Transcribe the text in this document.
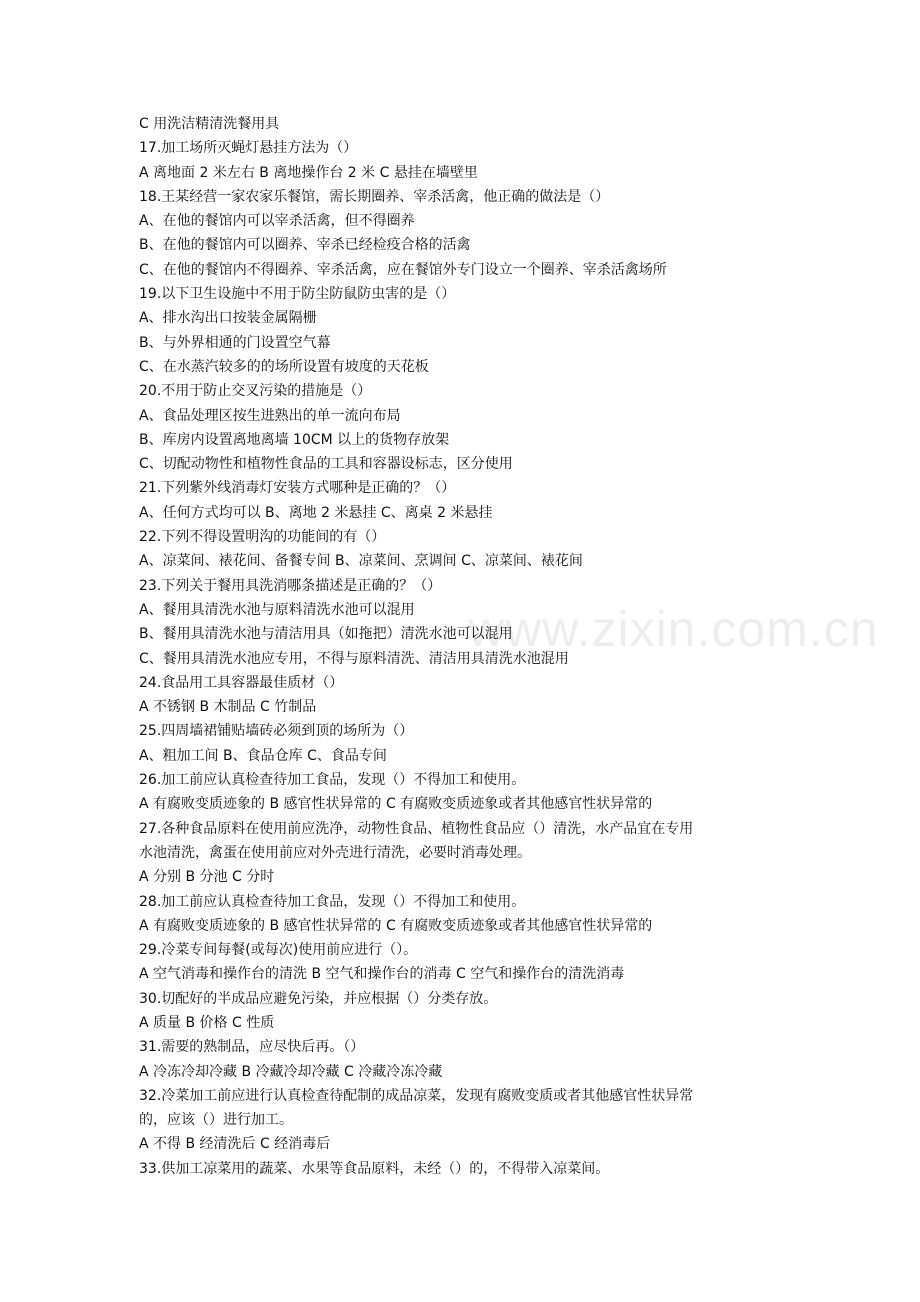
www.zixin.com.cn
C 用洗洁精清洗餐用具
17.加工场所灭蝇灯悬挂方法为（）
A 离地面 2 米左右 B 离地操作台 2 米 C 悬挂在墙壁里
18.王某经营一家农家乐餐馆，需长期圈养、宰杀活禽，他正确的做法是（）
A、在他的餐馆内可以宰杀活禽，但不得圈养
B、在他的餐馆内可以圈养、宰杀已经检疫合格的活禽
C、在他的餐馆内不得圈养、宰杀活禽，应在餐馆外专门设立一个圈养、宰杀活禽场所
19.以下卫生设施中不用于防尘防鼠防虫害的是（）
A、排水沟出口按装金属隔栅
B、与外界相通的门设置空气幕
C、在水蒸汽较多的的场所设置有坡度的天花板
20.不用于防止交叉污染的措施是（）
A、食品处理区按生进熟出的单一流向布局
B、库房内设置离地离墙 10CM 以上的货物存放架
C、切配动物性和植物性食品的工具和容器设标志，区分使用
21.下列紫外线消毒灯安装方式哪种是正确的？（）
A、任何方式均可以 B、离地 2 米悬挂 C、离桌 2 米悬挂
22.下列不得设置明沟的功能间的有（）
A、凉菜间、裱花间、备餐专间 B、凉菜间、烹调间 C、凉菜间、裱花间
23.下列关于餐用具洗消哪条描述是正确的？（）
A、餐用具清洗水池与原料清洗水池可以混用
B、餐用具清洗水池与清洁用具（如拖把）清洗水池可以混用
C、餐用具清洗水池应专用，不得与原料清洗、清洁用具清洗水池混用
24.食品用工具容器最佳质材（）
A 不锈钢 B 木制品 C 竹制品
25.四周墙裙铺贴墙砖必须到顶的场所为（）
A、粗加工间 B、食品仓库 C、食品专间
26.加工前应认真检查待加工食品，发现（）不得加工和使用。
A 有腐败变质迹象的 B 感官性状异常的 C 有腐败变质迹象或者其他感官性状异常的
27.各种食品原料在使用前应洗净，动物性食品、植物性食品应（）清洗，水产品宜在专用
水池清洗，禽蛋在使用前应对外壳进行清洗，必要时消毒处理。
A 分别 B 分池 C 分时
28.加工前应认真检查待加工食品，发现（）不得加工和使用。
A 有腐败变质迹象的 B 感官性状异常的 C 有腐败变质迹象或者其他感官性状异常的
29.冷菜专间每餐(或每次)使用前应进行（）。
A 空气消毒和操作台的清洗 B 空气和操作台的消毒 C 空气和操作台的清洗消毒
30.切配好的半成品应避免污染，并应根据（）分类存放。
A 质量 B 价格 C 性质
31.需要的熟制品，应尽快后再。（）
A 冷冻冷却冷藏 B 冷藏冷却冷藏 C 冷藏冷冻冷藏
32.冷菜加工前应进行认真检查待配制的成品凉菜，发现有腐败变质或者其他感官性状异常
的，应该（）进行加工。
A 不得 B 经清洗后 C 经消毒后
33.供加工凉菜用的蔬菜、水果等食品原料，未经（）的，不得带入凉菜间。
